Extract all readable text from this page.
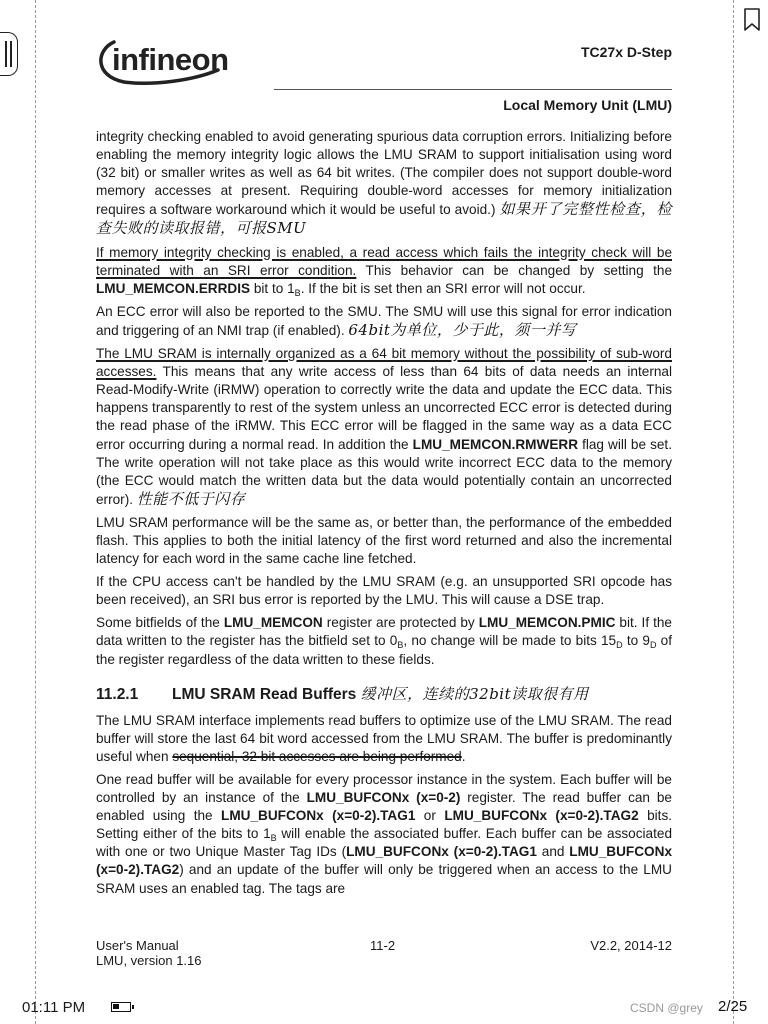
infineon	TC27x D-Step
Local Memory Unit (LMU)

integrity checking enabled to avoid generating spurious data corruption errors. Initializing before enabling the memory integrity logic allows the LMU SRAM to support initialisation using word (32 bit) or smaller writes as well as 64 bit writes. (The compiler does not support double-word memory accesses at present. Requiring double-word accesses for memory initialization requires a software workaround which it would be useful to avoid.) 如果开了完整性检查，检查失败的读取报错，可报SMU

If memory integrity checking is enabled, a read access which fails the integrity check will be terminated with an SRI error condition. This behavior can be changed by setting the LMU_MEMCON.ERRDIS bit to $1_B$. If the bit is set then an SRI error will not occur.

An ECC error will also be reported to the SMU. The SMU will use this signal for error indication and triggering of an NMI trap (if enabled). 64bit为单位，少于此，须一并写

The LMU SRAM is internally organized as a 64 bit memory without the possibility of sub-word accesses. This means that any write access of less than 64 bits of data needs an internal Read-Modify-Write (iRMW) operation to correctly write the data and update the ECC data. This happens transparently to rest of the system unless an uncorrected ECC error is detected during the read phase of the iRMW. This ECC error will be flagged in the same way as a data ECC error occurring during a normal read. In addition the LMU_MEMCON.RMWERR flag will be set. The write operation will not take place as this would write incorrect ECC data to the memory (the ECC would match the written data but the data would potentially contain an uncorrected error). 性能不低于闪存

LMU SRAM performance will be the same as, or better than, the performance of the embedded flash. This applies to both the initial latency of the first word returned and also the incremental latency for each word in the same cache line fetched.

If the CPU access can't be handled by the LMU SRAM (e.g. an unsupported SRI opcode has been received), an SRI bus error is reported by the LMU. This will cause a DSE trap.

Some bitfields of the LMU_MEMCON register are protected by LMU_MEMCON.PMIC bit. If the data written to the register has the bitfield set to $0_B$, no change will be made to bits $15_D$ to $9_D$ of the register regardless of the data written to these fields.

11.2.1 LMU SRAM Read Buffers 缓冲区，连续的32bit读取很有用

The LMU SRAM interface implements read buffers to optimize use of the LMU SRAM. The read buffer will store the last 64 bit word accessed from the LMU SRAM. The buffer is predominantly useful when sequential, 32 bit accesses are being performed.

One read buffer will be available for every processor instance in the system. Each buffer will be controlled by an instance of the LMU_BUFCONx (x=0-2) register. The read buffer can be enabled using the LMU_BUFCONx (x=0-2).TAG1 or LMU_BUFCONx (x=0-2).TAG2 bits. Setting either of the bits to $1_B$ will enable the associated buffer. Each buffer can be associated with one or two Unique Master Tag IDs (LMU_BUFCONx (x=0-2).TAG1 and LMU_BUFCONx (x=0-2).TAG2) and an update of the buffer will only be triggered when an access to the LMU SRAM uses an enabled tag. The tags are

User's Manual
LMU, version 1.16
11-2	V2.2, 2014-12
01:11 PM	CSDN @grey 2/25
